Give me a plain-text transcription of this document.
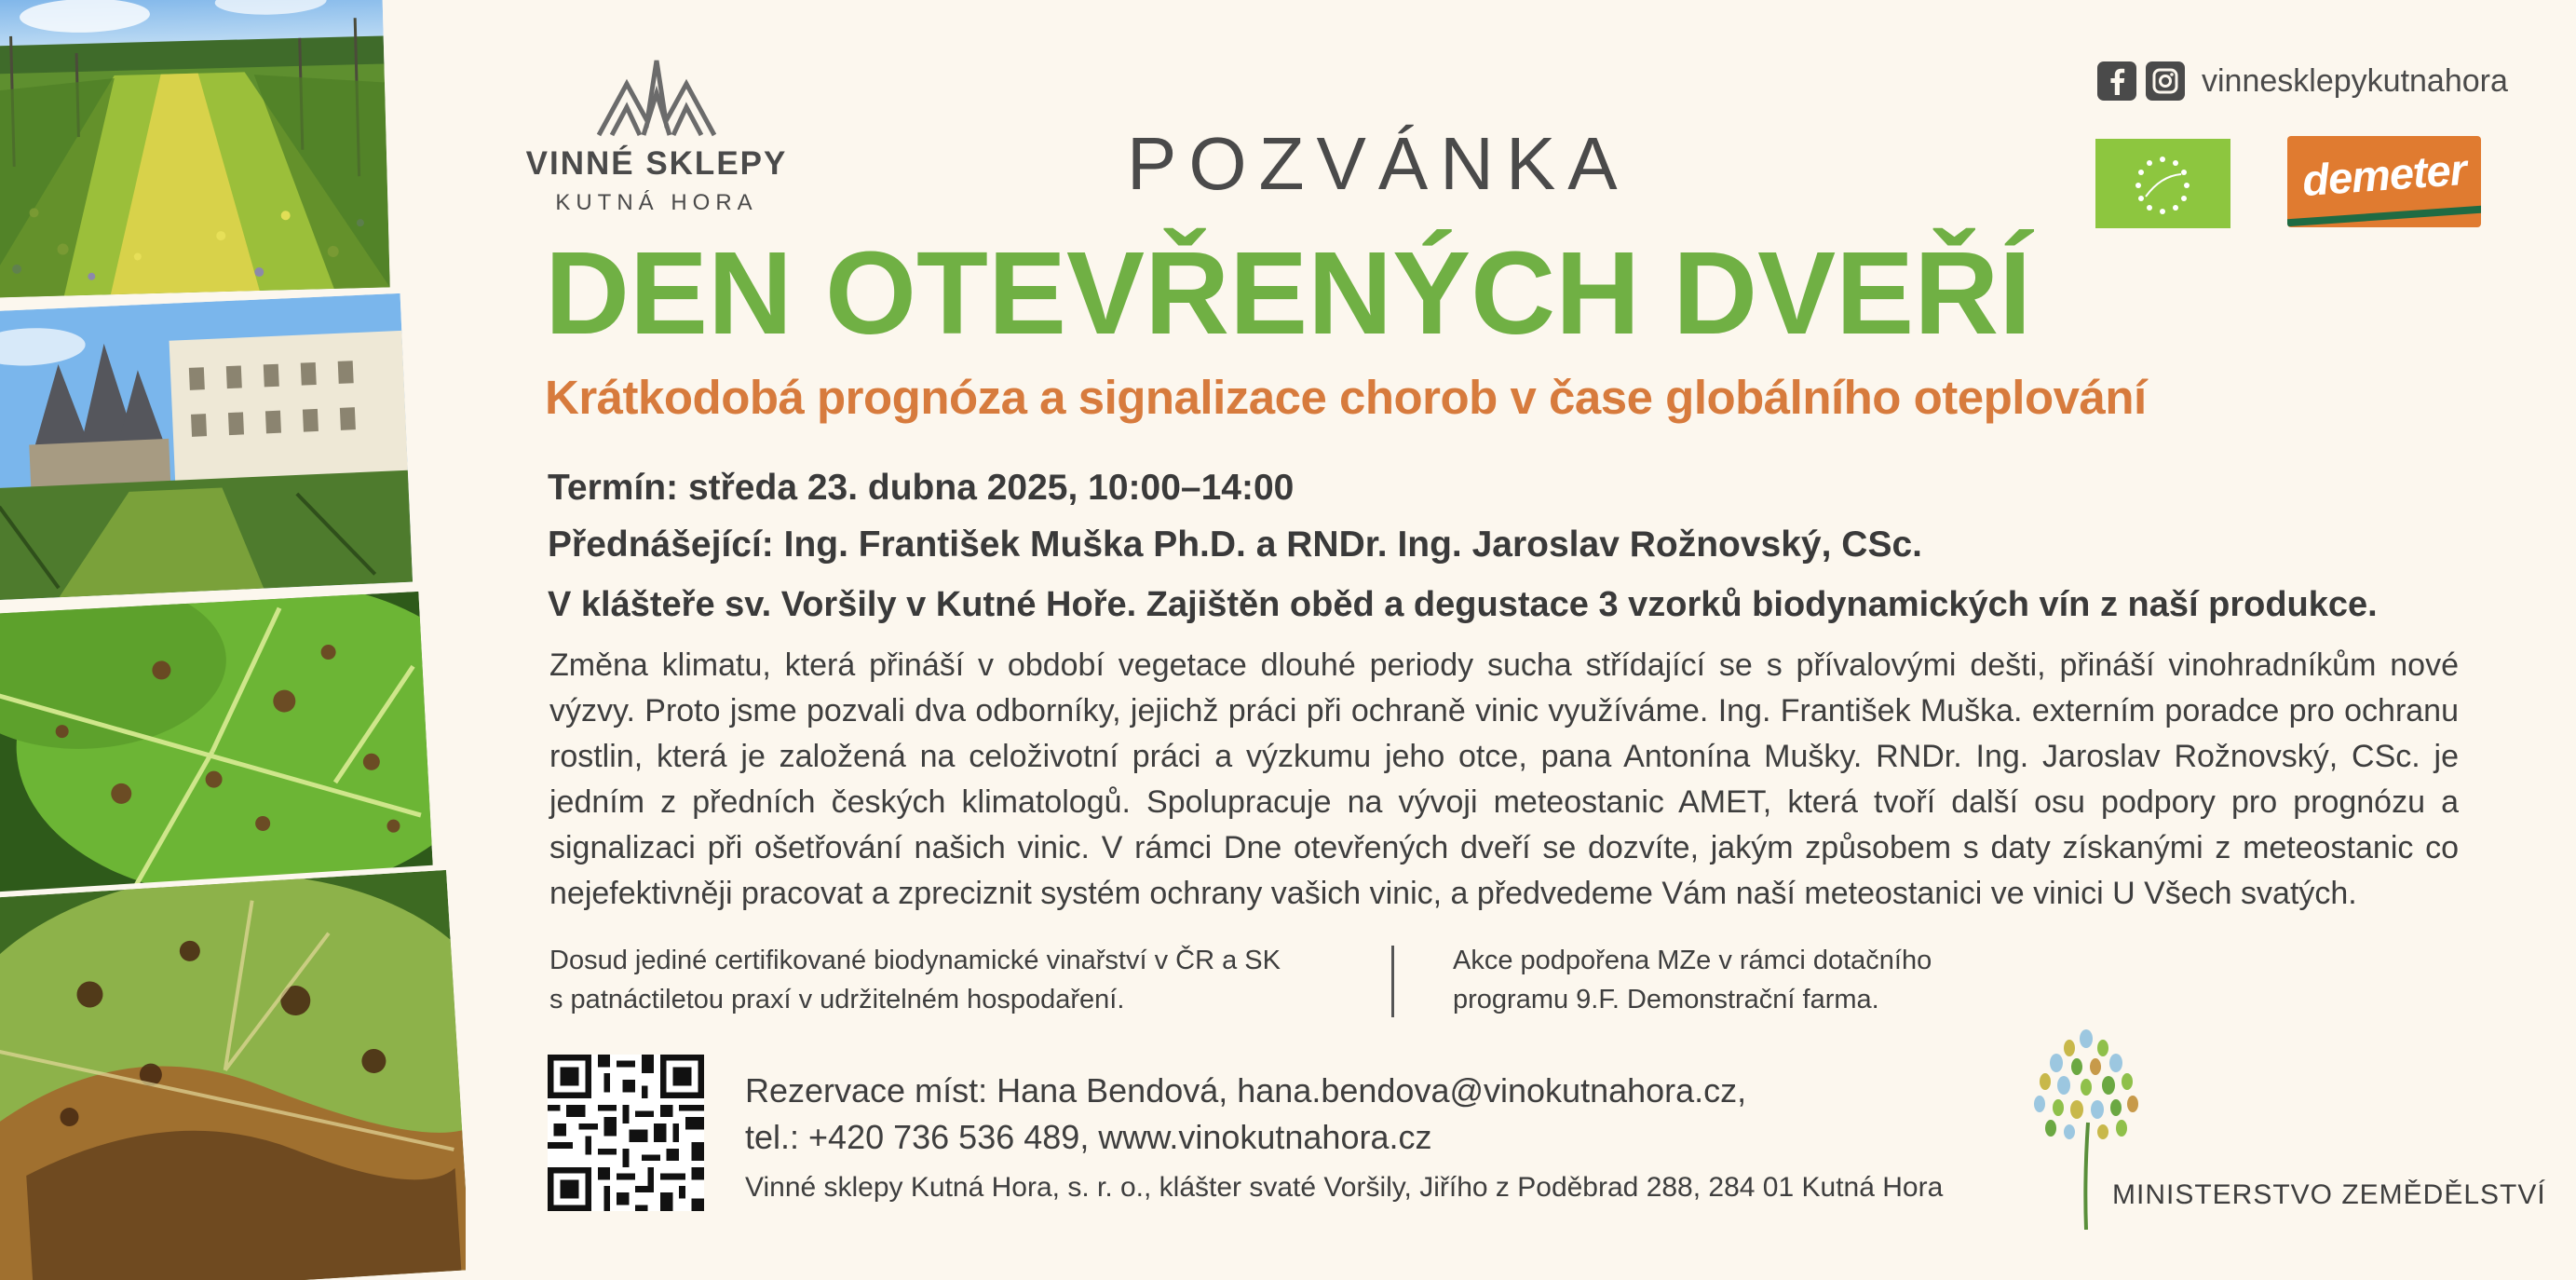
VINNÉ SKLEPY
KUTNÁ HORA	POZVÁNKA
DEN OTEVŘENÝCH DVEŘÍ
Krátkodobá prognóza a signalizace chorob v čase globálního oteplování
Termín: středa 23. dubna 2025, 10:00–14:00
Přednášející: Ing. František Muška Ph.D. a RNDr. Ing. Jaroslav Rožnovský, CSc.
V klášteře sv. Voršily v Kutné Hoře. Zajištěn oběd a degustace 3 vzorků biodynamických vín z naší produkce.
Změna klimatu, která přináší v období vegetace dlouhé periody sucha střídající se s přívalovými dešti, přináší vinohradníkům nové výzvy. Proto jsme pozvali dva odborníky, jejichž práci při ochraně vinic využíváme. Ing. František Muška. externím poradce pro ochranu rostlin, která je založená na celoživotní práci a výzkumu jeho otce, pana Antonína Mušky. RNDr. Ing. Jaroslav Rožnovský, CSc. je jedním z předních českých klimatologů. Spolupracuje na vývoji meteostanic AMET, která tvoří další osu podpory pro prognózu a signalizaci při ošetřování našich vinic. V rámci Dne otevřených dveří se dozvíte, jakým způsobem s daty získanými z meteostanic co nejefektivněji pracovat a zpreciznit systém ochrany vašich vinic, a předvedeme Vám naší meteostanici ve vinici U Všech svatých.
Dosud jediné certifikované biodynamické vinařství v ČR a SK
s patnáctiletou praxí v udržitelném hospodaření.
Akce podpořena MZe v rámci dotačního
programu 9.F. Demonstrační farma.
Rezervace míst: Hana Bendová, hana.bendova@vinokutnahora.cz,
tel.: +420 736 536 489, www.vinokutnahora.cz
Vinné sklepy Kutná Hora, s. r. o., klášter svaté Voršily, Jiřího z Poděbrad 288, 284 01 Kutná Hora
vinnesklepykutnahora
demeter
MINISTERSTVO ZEMĚDĚLSTVÍ
